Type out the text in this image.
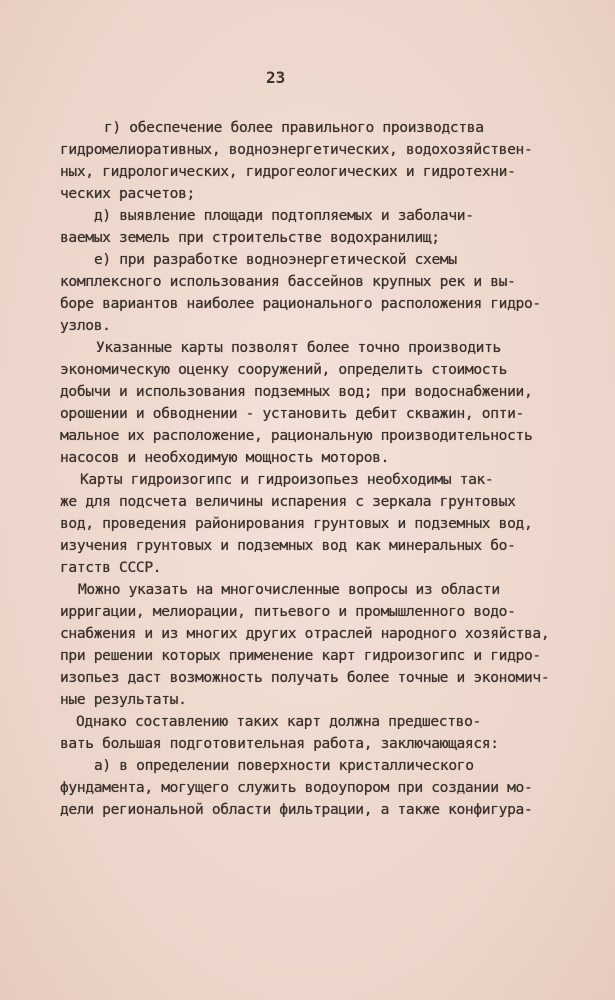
23
г) обеспечение более правильного производства
гидромелиоративных, водноэнергетических, водохозяйствен-
ных, гидрологических, гидрогеологических и гидротехни-
ческих расчетов;
д) выявление площади подтопляемых и заболачи-
ваемых земель при строительстве водохранилищ;
е) при разработке водноэнергетической схемы
комплексного использования бассейнов крупных рек и вы-
боре вариантов наиболее рационального расположения гидро-
узлов.
Указанные карты позволят более точно производить
экономическую оценку сооружений, определить стоимость
добычи и использования подземных вод; при водоснабжении,
орошении и обводнении - установить дебит скважин, опти-
мальное их расположение, рациональную производительность
насосов и необходимую мощность моторов.
Карты гидроизогипс и гидроизопьез необходимы так-
же для подсчета величины испарения с зеркала грунтовых
вод, проведения районирования грунтовых и подземных вод,
изучения грунтовых и подземных вод как минеральных бо-
гатств СССР.
Можно указать на многочисленные вопросы из области
ирригации, мелиорации, питьевого и промышленного водо-
снабжения и из многих других отраслей народного хозяйства,
при решении которых применение карт гидроизогипс и гидро-
изопьез даст возможность получать более точные и экономич-
ные результаты.
Однако составлению таких карт должна предшество-
вать большая подготовительная работа, заключающаяся:
а) в определении поверхности кристаллического
фундамента, могущего служить водоупором при создании мо-
дели региональной области фильтрации, а также конфигура-
